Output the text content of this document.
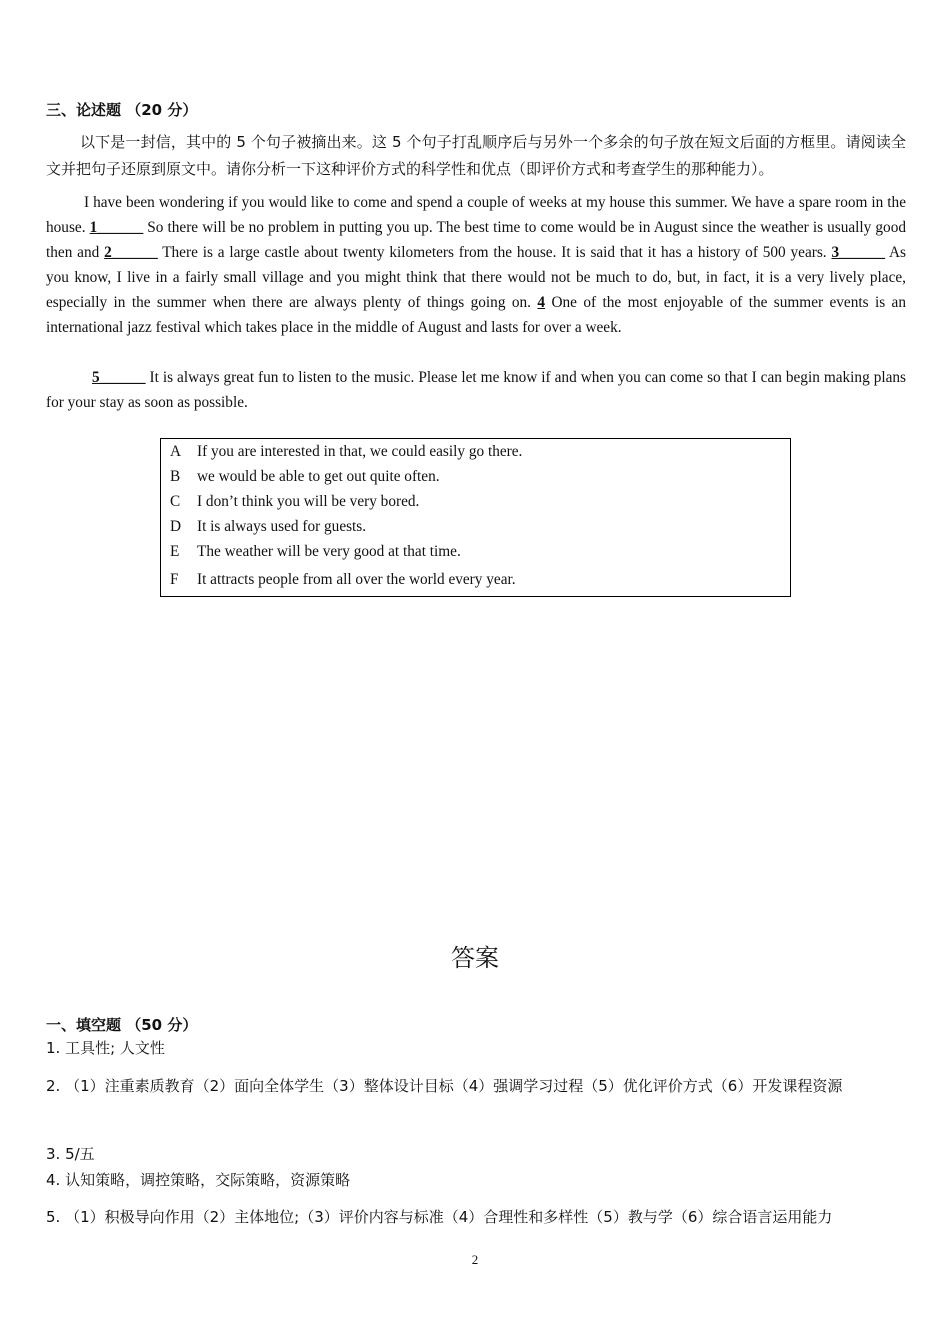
三、论述题 （20 分）
以下是一封信，其中的 5 个句子被摘出来。这 5 个句子打乱顺序后与另外一个多余的句子放在短文后面的方框里。请阅读全文并把句子还原到原文中。请你分析一下这种评价方式的科学性和优点（即评价方式和考查学生的那种能力）。
I have been wondering if you would like to come and spend a couple of weeks at my house this summer. We have a spare room in the house. 1______ So there will be no problem in putting you up. The best time to come would be in August since the weather is usually good then and 2______ There is a large castle about twenty kilometers from the house. It is said that it has a history of 500 years. 3______ As you know, I live in a fairly small village and you might think that there would not be much to do, but, in fact, it is a very lively place, especially in the summer when there are always plenty of things going on. 4 One of the most enjoyable of the summer events is an international jazz festival which takes place in the middle of August and lasts for over a week.
5______ It is always great fun to listen to the music. Please let me know if and when you can come so that I can begin making plans for your stay as soon as possible.
A If you are interested in that, we could easily go there.
B we would be able to get out quite often.
C I don’t think you will be very bored.
D It is always used for guests.
E The weather will be very good at that time.
F It attracts people from all over the world every year.
答案
一、填空题 （50 分）
1. 工具性; 人文性
2. （1）注重素质教育（2）面向全体学生（3）整体设计目标（4）强调学习过程（5）优化评价方式（6）开发课程资源
3. 5/五
4. 认知策略，调控策略，交际策略，资源策略
5. （1）积极导向作用（2）主体地位;（3）评价内容与标准（4）合理性和多样性（5）教与学（6）综合语言运用能力
2
